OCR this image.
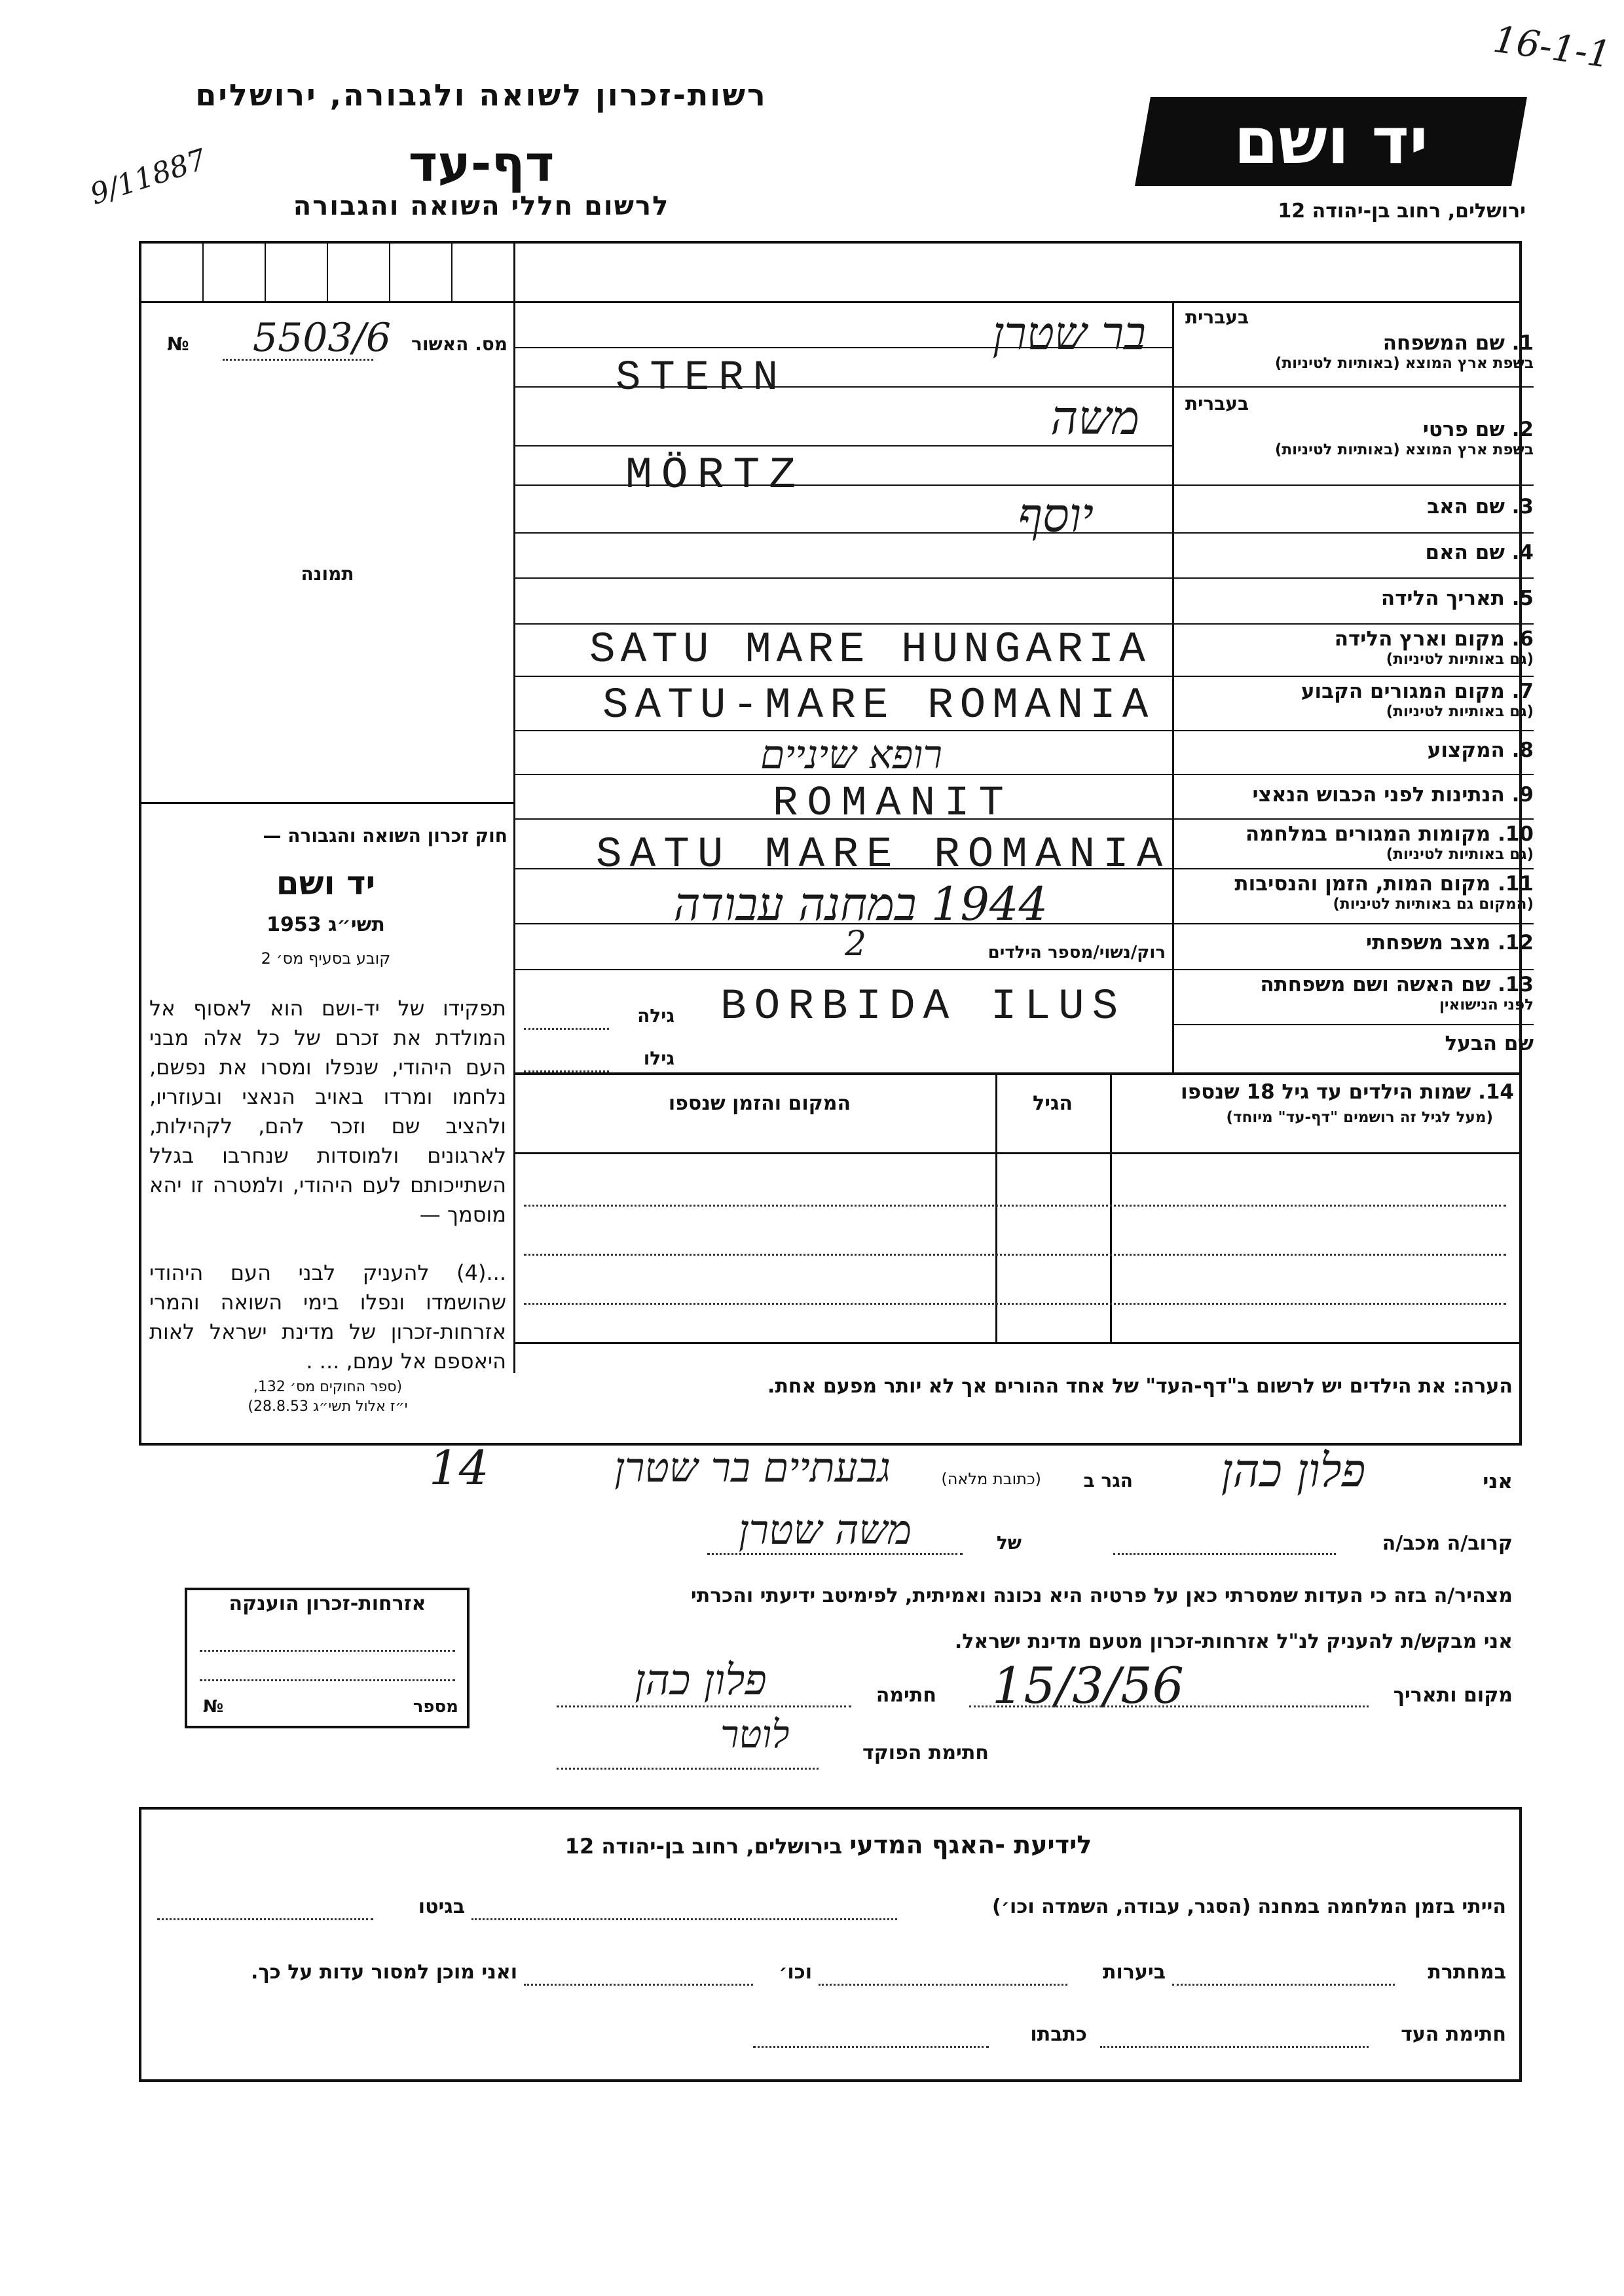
16-1-1
9/11887
רשות-זכרון לשואה ולגבורה, ירושלים
דף-עד
לרשום חללי השואה והגבורה
יד ושם
ירושלים, רחוב בן-יהודה 12
מס. האשור
5503/6
№
תמונה
חוק זכרון השואה והגבורה —
יד ושם
תשי״ג 1953
קובע בסעיף מס׳ 2
תפקידו של יד-ושם הוא לאסוף אל המולדת את זכרם של כל אלה מבני העם היהודי, שנפלו ומסרו את נפשם, נלחמו ומרדו באויב הנאצי ובעוזריו, ולהציב שם וזכר להם, לקהילות, לארגונים ולמוסדות שנחרבו בגלל השתייכותם לעם היהודי, ולמטרה זו יהא מוסמך —
...(4) להעניק לבני העם היהודי שהושמדו ונפלו בימי השואה והמרי אזרחות-זכרון של מדינת ישראל לאות היאספם אל עמם, ... .
(ספר החוקים מס׳ 132,
י״ז אלול תשי״ג 28.8.53)
בעברית
1. שם המשפחה
בשפת ארץ המוצא (באותיות לטיניות)
בעברית
2. שם פרטי
בשפת ארץ המוצא (באותיות לטיניות)
3. שם האב
4. שם האם
5. תאריך הלידה
6. מקום וארץ הלידה
(גם באותיות לטיניות)
7. מקום המגורים הקבוע
(גם באותיות לטיניות)
8. המקצוע
9. הנתינות לפני הכבוש הנאצי
10. מקומות המגורים במלחמה
(גם באותיות לטיניות)
11. מקום המות, הזמן והנסיבות
(המקום גם באותיות לטיניות)
12. מצב משפחתי
13. שם האשה ושם משפחתה
לפני הנישואין
שם הבעל
בר שטרן
STERN
משה
MÖRTZ
יוסף
SATU MARE HUNGARIA
SATU-MARE ROMANIA
רופא שיניים
ROMANIT
SATU MARE ROMANIA
1944 במחנה עבודה
רוק/נשוי/מספר הילדים
2
גילה BORBIDA ILUS
גילו
14. שמות הילדים עד גיל 18 שנספו
(מעל לגיל זה רושמים "דף-עד" מיוחד)
הגיל
המקום והזמן שנספו
הערה: את הילדים יש לרשום ב"דף-העד" של אחד ההורים אך לא יותר מפעם אחת.
14	אני
פלון כהן
הגר ב
(כתובת מלאה)
גבעתיים בר שטרן
קרוב/ה מכב/ה
של
משה שטרן
מצהיר/ה בזה כי העדות שמסרתי כאן על פרטיה היא נכונה ואמיתית, לפימיטב ידיעתי והכרתי
אני מבקש/ת להעניק לנ"ל אזרחות-זכרון מטעם מדינת ישראל.
מקום ותאריך
15/3/56
חתימה
פלון כהן
לוטר	חתימת הפוקד
אזרחות-זכרון הוענקה
מספר
№
לידיעת -האגף המדעי בירושלים, רחוב בן-יהודה 12
הייתי בזמן המלחמה במחנה (הסגר, עבודה, השמדה וכו׳)
בגיטו
במחתרת
ביערות
וכו׳
ואני מוכן למסור עדות על כך.
חתימת העד
כתבתו
